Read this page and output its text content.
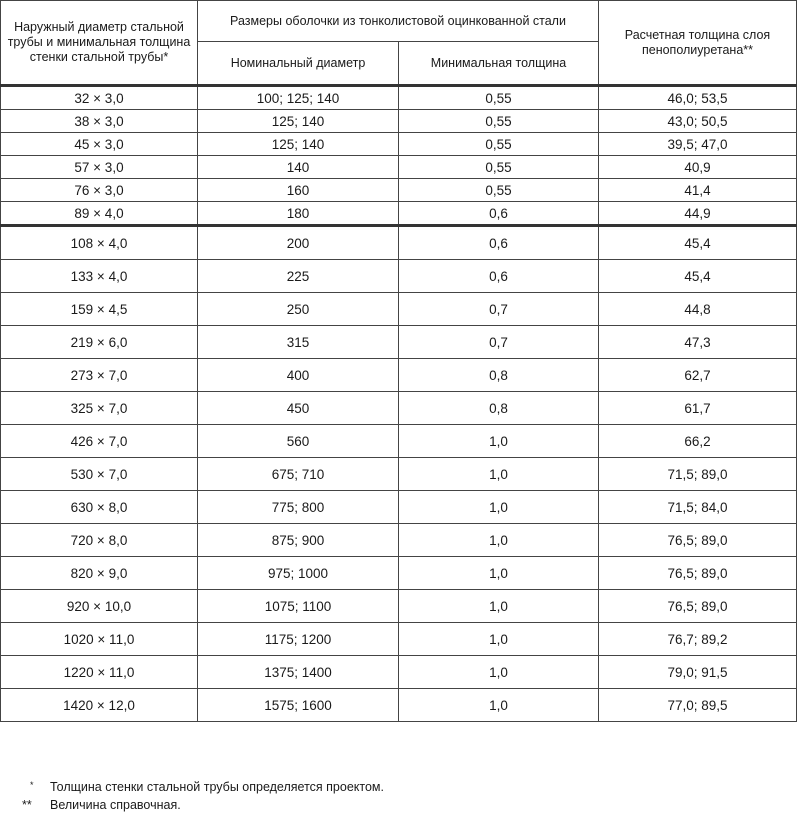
Наружный диаметр стальной трубы и минимальная толщина стенки стальной трубы*	Размеры оболочки из тонколистовой оцинкованной стали		Расчетная толщина слоя пенополиуретана**
	Номинальный диаметр	Минимальная толщина	
32 × 3,0	100; 125; 140	0,55	46,0; 53,5
38 × 3,0	125; 140	0,55	43,0; 50,5
45 × 3,0	125; 140	0,55	39,5; 47,0
57 × 3,0	140	0,55	40,9
76 × 3,0	160	0,55	41,4
89 × 4,0	180	0,6	44,9
108 × 4,0	200	0,6	45,4
133 × 4,0	225	0,6	45,4
159 × 4,5	250	0,7	44,8
219 × 6,0	315	0,7	47,3
273 × 7,0	400	0,8	62,7
325 × 7,0	450	0,8	61,7
426 × 7,0	560	1,0	66,2
530 × 7,0	675; 710	1,0	71,5; 89,0
630 × 8,0	775; 800	1,0	71,5; 84,0
720 × 8,0	875; 900	1,0	76,5; 89,0
820 × 9,0	975; 1000	1,0	76,5; 89,0
920 × 10,0	1075; 1100	1,0	76,5; 89,0
1020 × 11,0	1175; 1200	1,0	76,7; 89,2
1220 × 11,0	1375; 1400	1,0	79,0; 91,5
1420 × 12,0	1575; 1600	1,0	77,0; 89,5
* Толщина стенки стальной трубы определяется проектом.
** Величина справочная.
